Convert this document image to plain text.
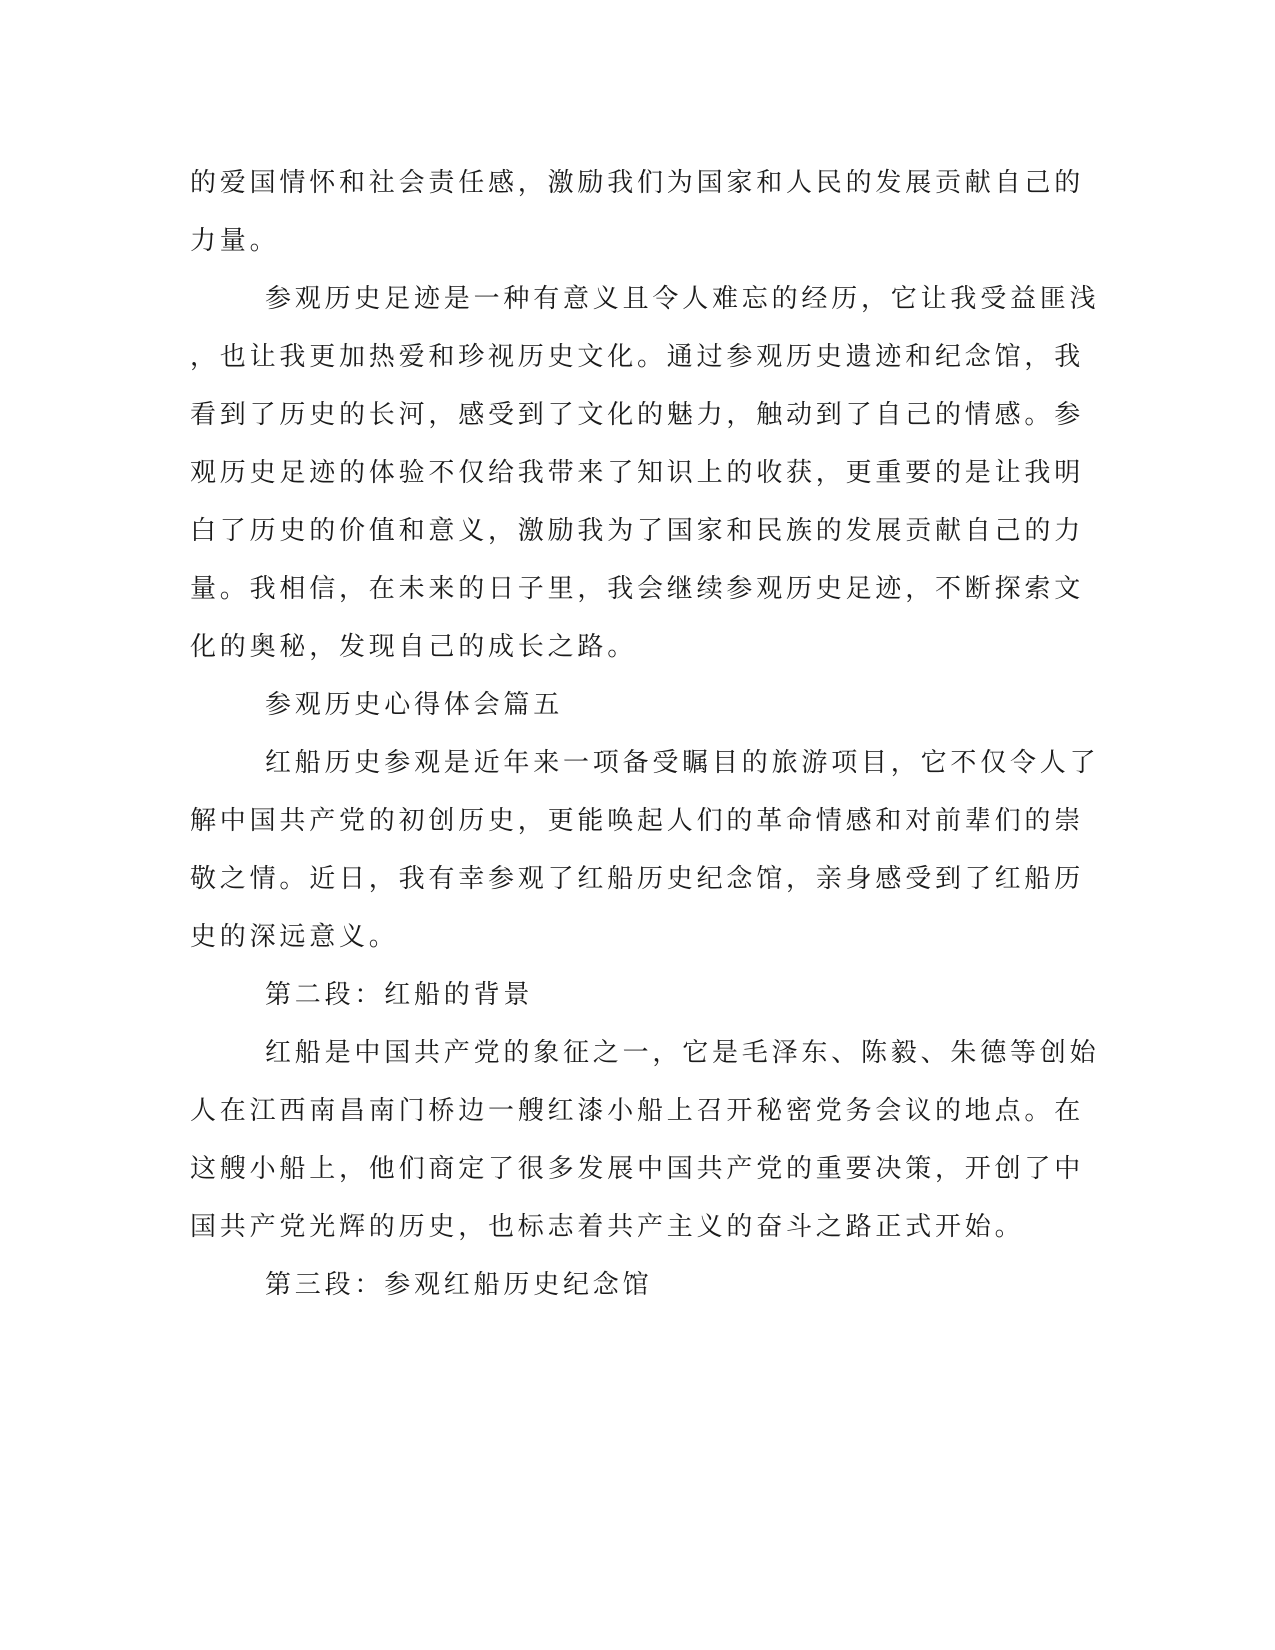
的爱国情怀和社会责任感，激励我们为国家和人民的发展贡献自己的
力量。
参观历史足迹是一种有意义且令人难忘的经历，它让我受益匪浅
，也让我更加热爱和珍视历史文化。通过参观历史遗迹和纪念馆，我
看到了历史的长河，感受到了文化的魅力，触动到了自己的情感。参
观历史足迹的体验不仅给我带来了知识上的收获，更重要的是让我明
白了历史的价值和意义，激励我为了国家和民族的发展贡献自己的力
量。我相信，在未来的日子里，我会继续参观历史足迹，不断探索文
化的奥秘，发现自己的成长之路。
参观历史心得体会篇五
红船历史参观是近年来一项备受瞩目的旅游项目，它不仅令人了
解中国共产党的初创历史，更能唤起人们的革命情感和对前辈们的崇
敬之情。近日，我有幸参观了红船历史纪念馆，亲身感受到了红船历
史的深远意义。
第二段：红船的背景
红船是中国共产党的象征之一，它是毛泽东、陈毅、朱德等创始
人在江西南昌南门桥边一艘红漆小船上召开秘密党务会议的地点。在
这艘小船上，他们商定了很多发展中国共产党的重要决策，开创了中
国共产党光辉的历史，也标志着共产主义的奋斗之路正式开始。
第三段：参观红船历史纪念馆
